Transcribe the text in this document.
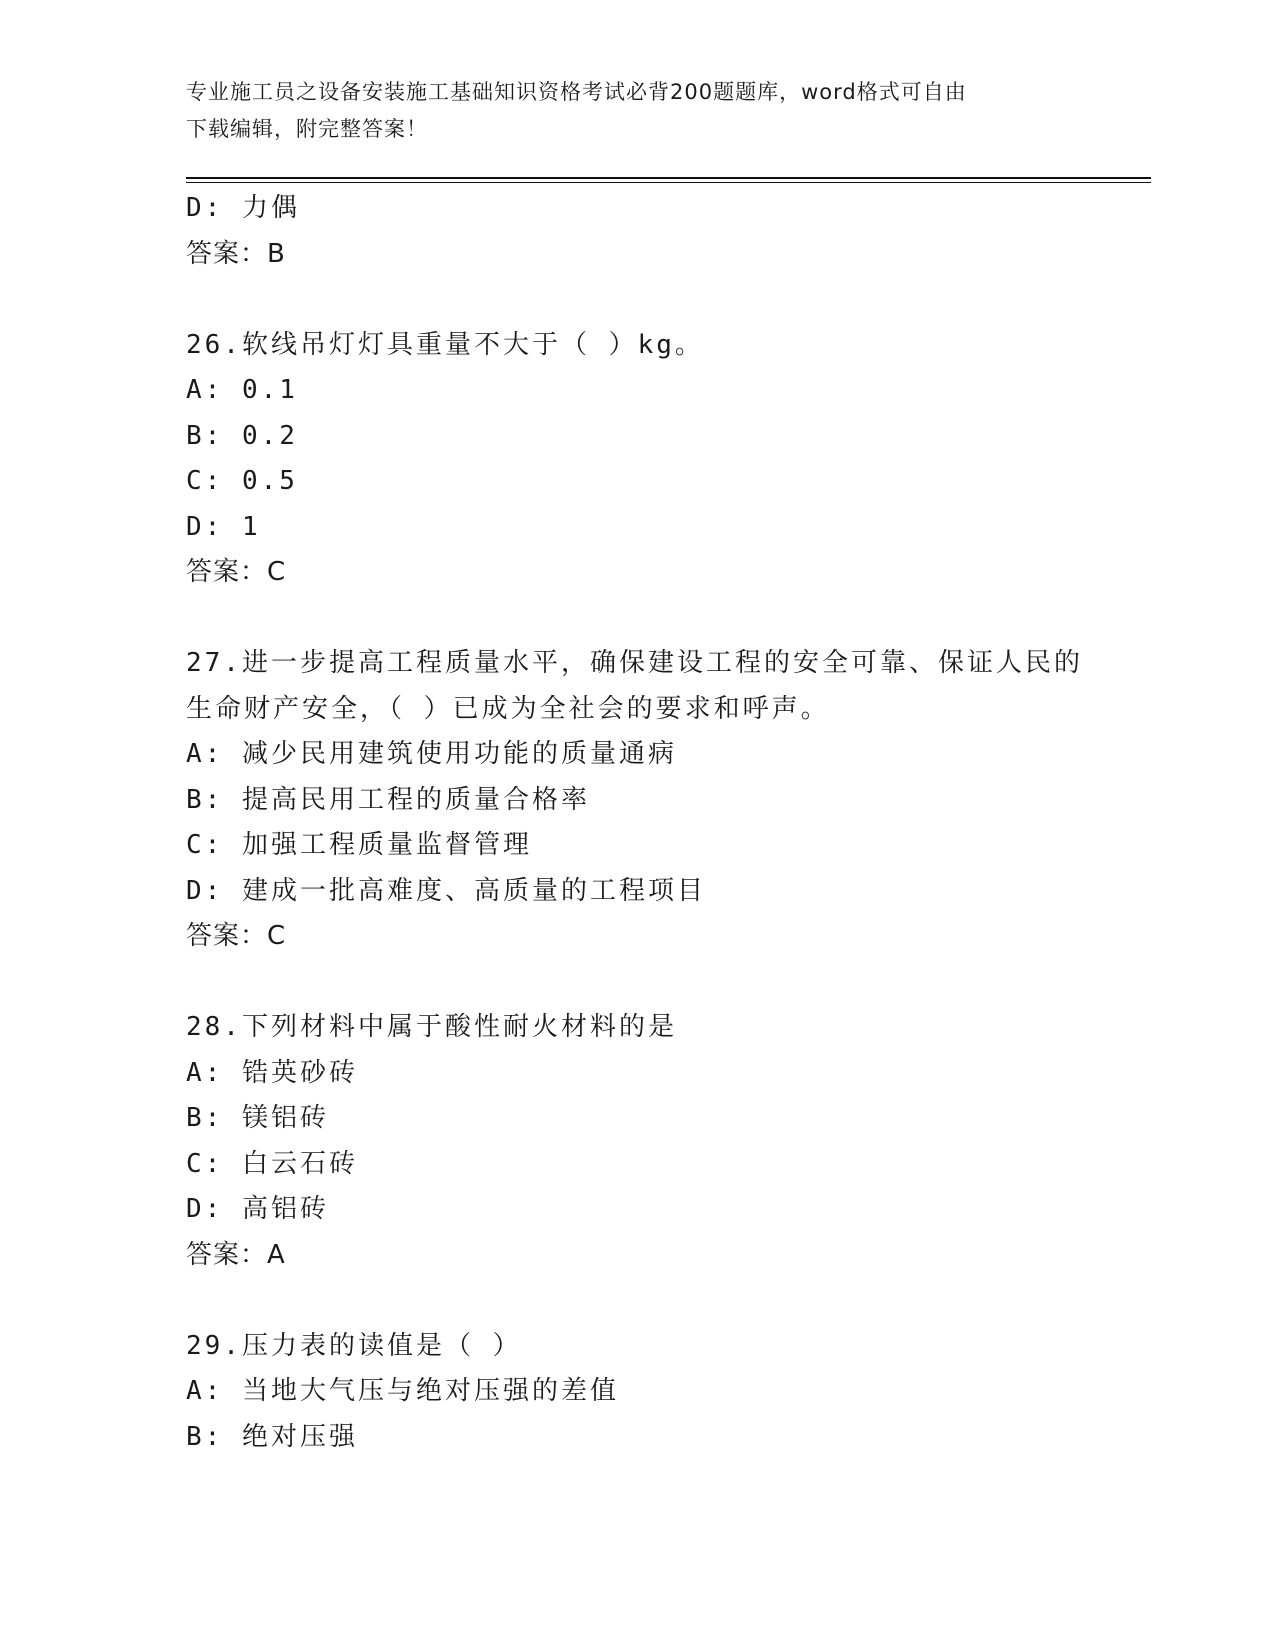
专业施工员之设备安装施工基础知识资格考试必背200题题库，word格式可自由
下载编辑，附完整答案！
D: 力偶
答案：B
26.软线吊灯灯具重量不大于（ ）kg。
A: 0.1
B: 0.2
C: 0.5
D: 1
答案：C
27.进一步提高工程质量水平，确保建设工程的安全可靠、保证人民的
生命财产安全，（ ）已成为全社会的要求和呼声。
A: 减少民用建筑使用功能的质量通病
B: 提高民用工程的质量合格率
C: 加强工程质量监督管理
D: 建成一批高难度、高质量的工程项目
答案：C
28.下列材料中属于酸性耐火材料的是
A: 锆英砂砖
B: 镁铝砖
C: 白云石砖
D: 高铝砖
答案：A
29.压力表的读值是（ ）
A: 当地大气压与绝对压强的差值
B: 绝对压强
